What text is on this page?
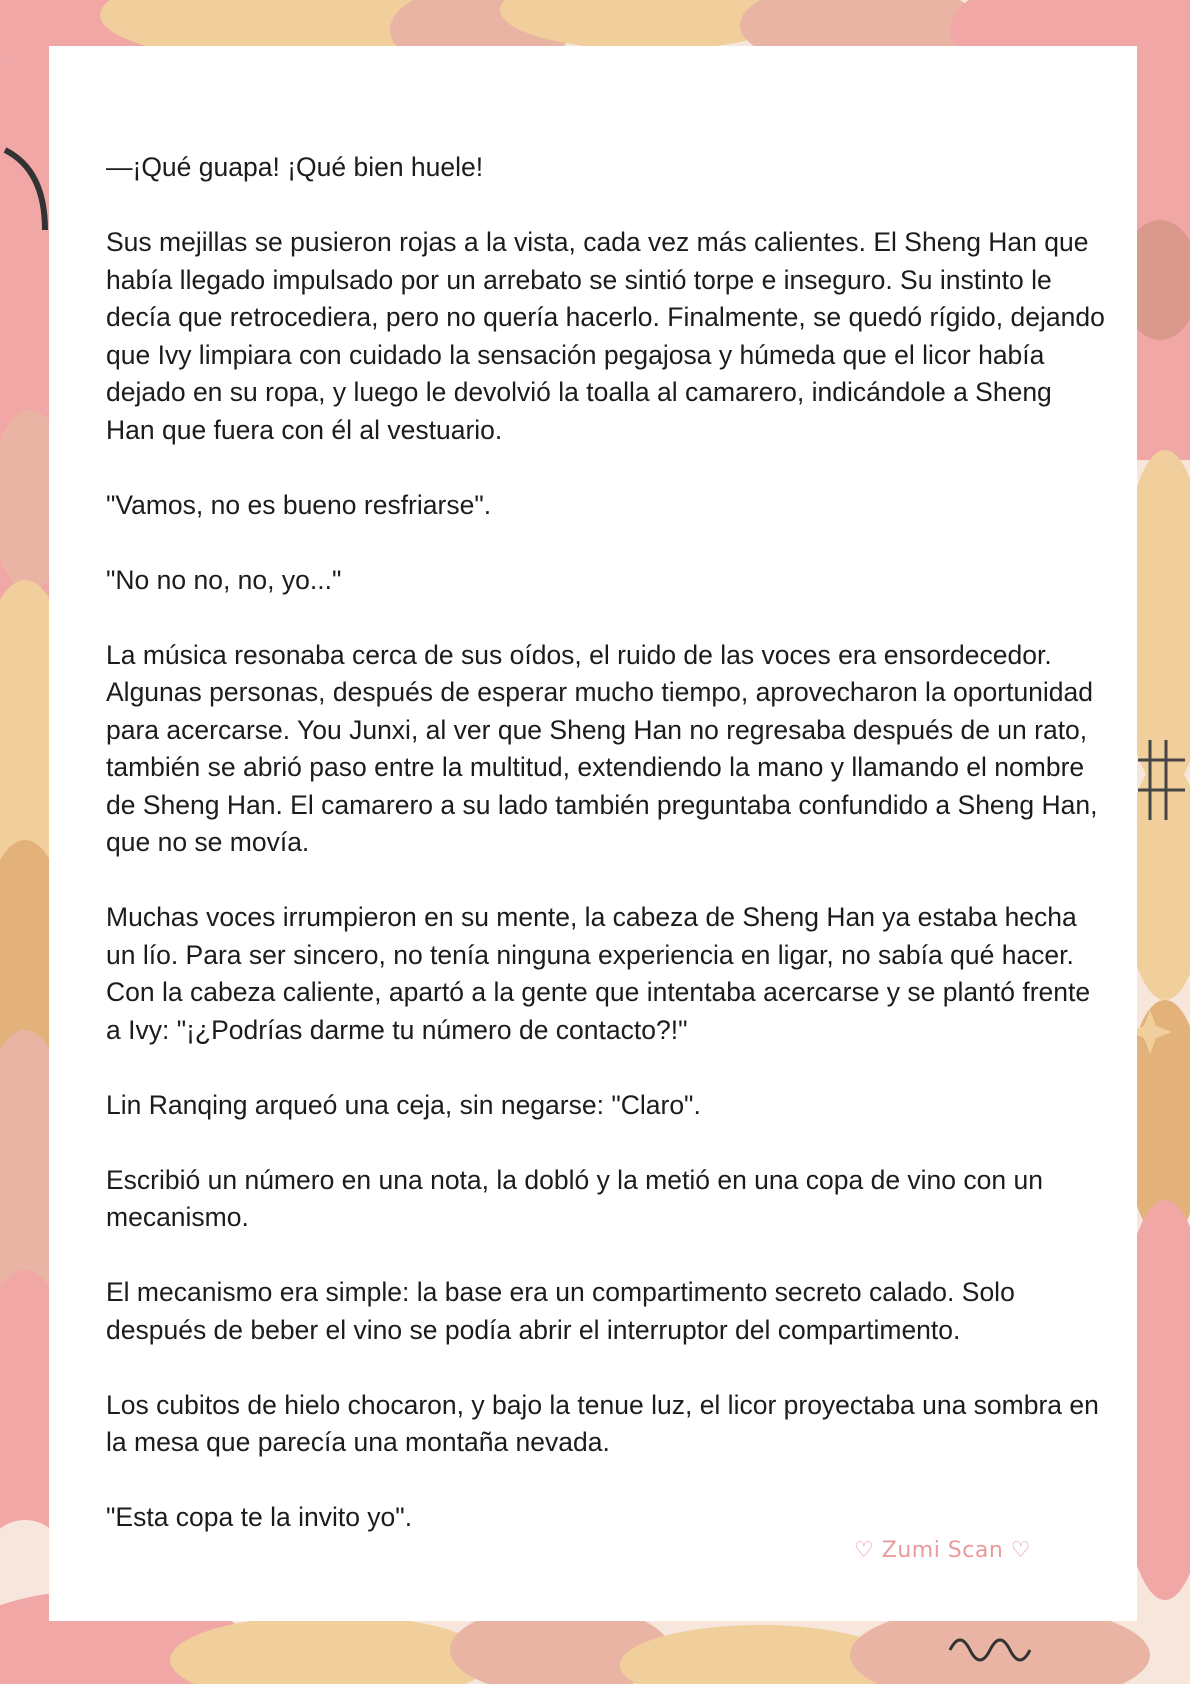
—¡Qué guapa! ¡Qué bien huele!

Sus mejillas se pusieron rojas a la vista, cada vez más calientes. El Sheng Han que había llegado impulsado por un arrebato se sintió torpe e inseguro. Su instinto le decía que retrocediera, pero no quería hacerlo. Finalmente, se quedó rígido, dejando que Ivy limpiara con cuidado la sensación pegajosa y húmeda que el licor había dejado en su ropa, y luego le devolvió la toalla al camarero, indicándole a Sheng Han que fuera con él al vestuario.

"Vamos, no es bueno resfriarse".

"No no no, no, yo..."

La música resonaba cerca de sus oídos, el ruido de las voces era ensordecedor. Algunas personas, después de esperar mucho tiempo, aprovecharon la oportunidad para acercarse. You Junxi, al ver que Sheng Han no regresaba después de un rato, también se abrió paso entre la multitud, extendiendo la mano y llamando el nombre de Sheng Han. El camarero a su lado también preguntaba confundido a Sheng Han, que no se movía.

Muchas voces irrumpieron en su mente, la cabeza de Sheng Han ya estaba hecha un lío. Para ser sincero, no tenía ninguna experiencia en ligar, no sabía qué hacer. Con la cabeza caliente, apartó a la gente que intentaba acercarse y se plantó frente a Ivy: "¡¿Podrías darme tu número de contacto?!"

Lin Ranqing arqueó una ceja, sin negarse: "Claro".

Escribió un número en una nota, la dobló y la metió en una copa de vino con un mecanismo.

El mecanismo era simple: la base era un compartimento secreto calado. Solo después de beber el vino se podía abrir el interruptor del compartimento.

Los cubitos de hielo chocaron, y bajo la tenue luz, el licor proyectaba una sombra en la mesa que parecía una montaña nevada.

"Esta copa te la invito yo".

♡ Zumi Scan ♡
